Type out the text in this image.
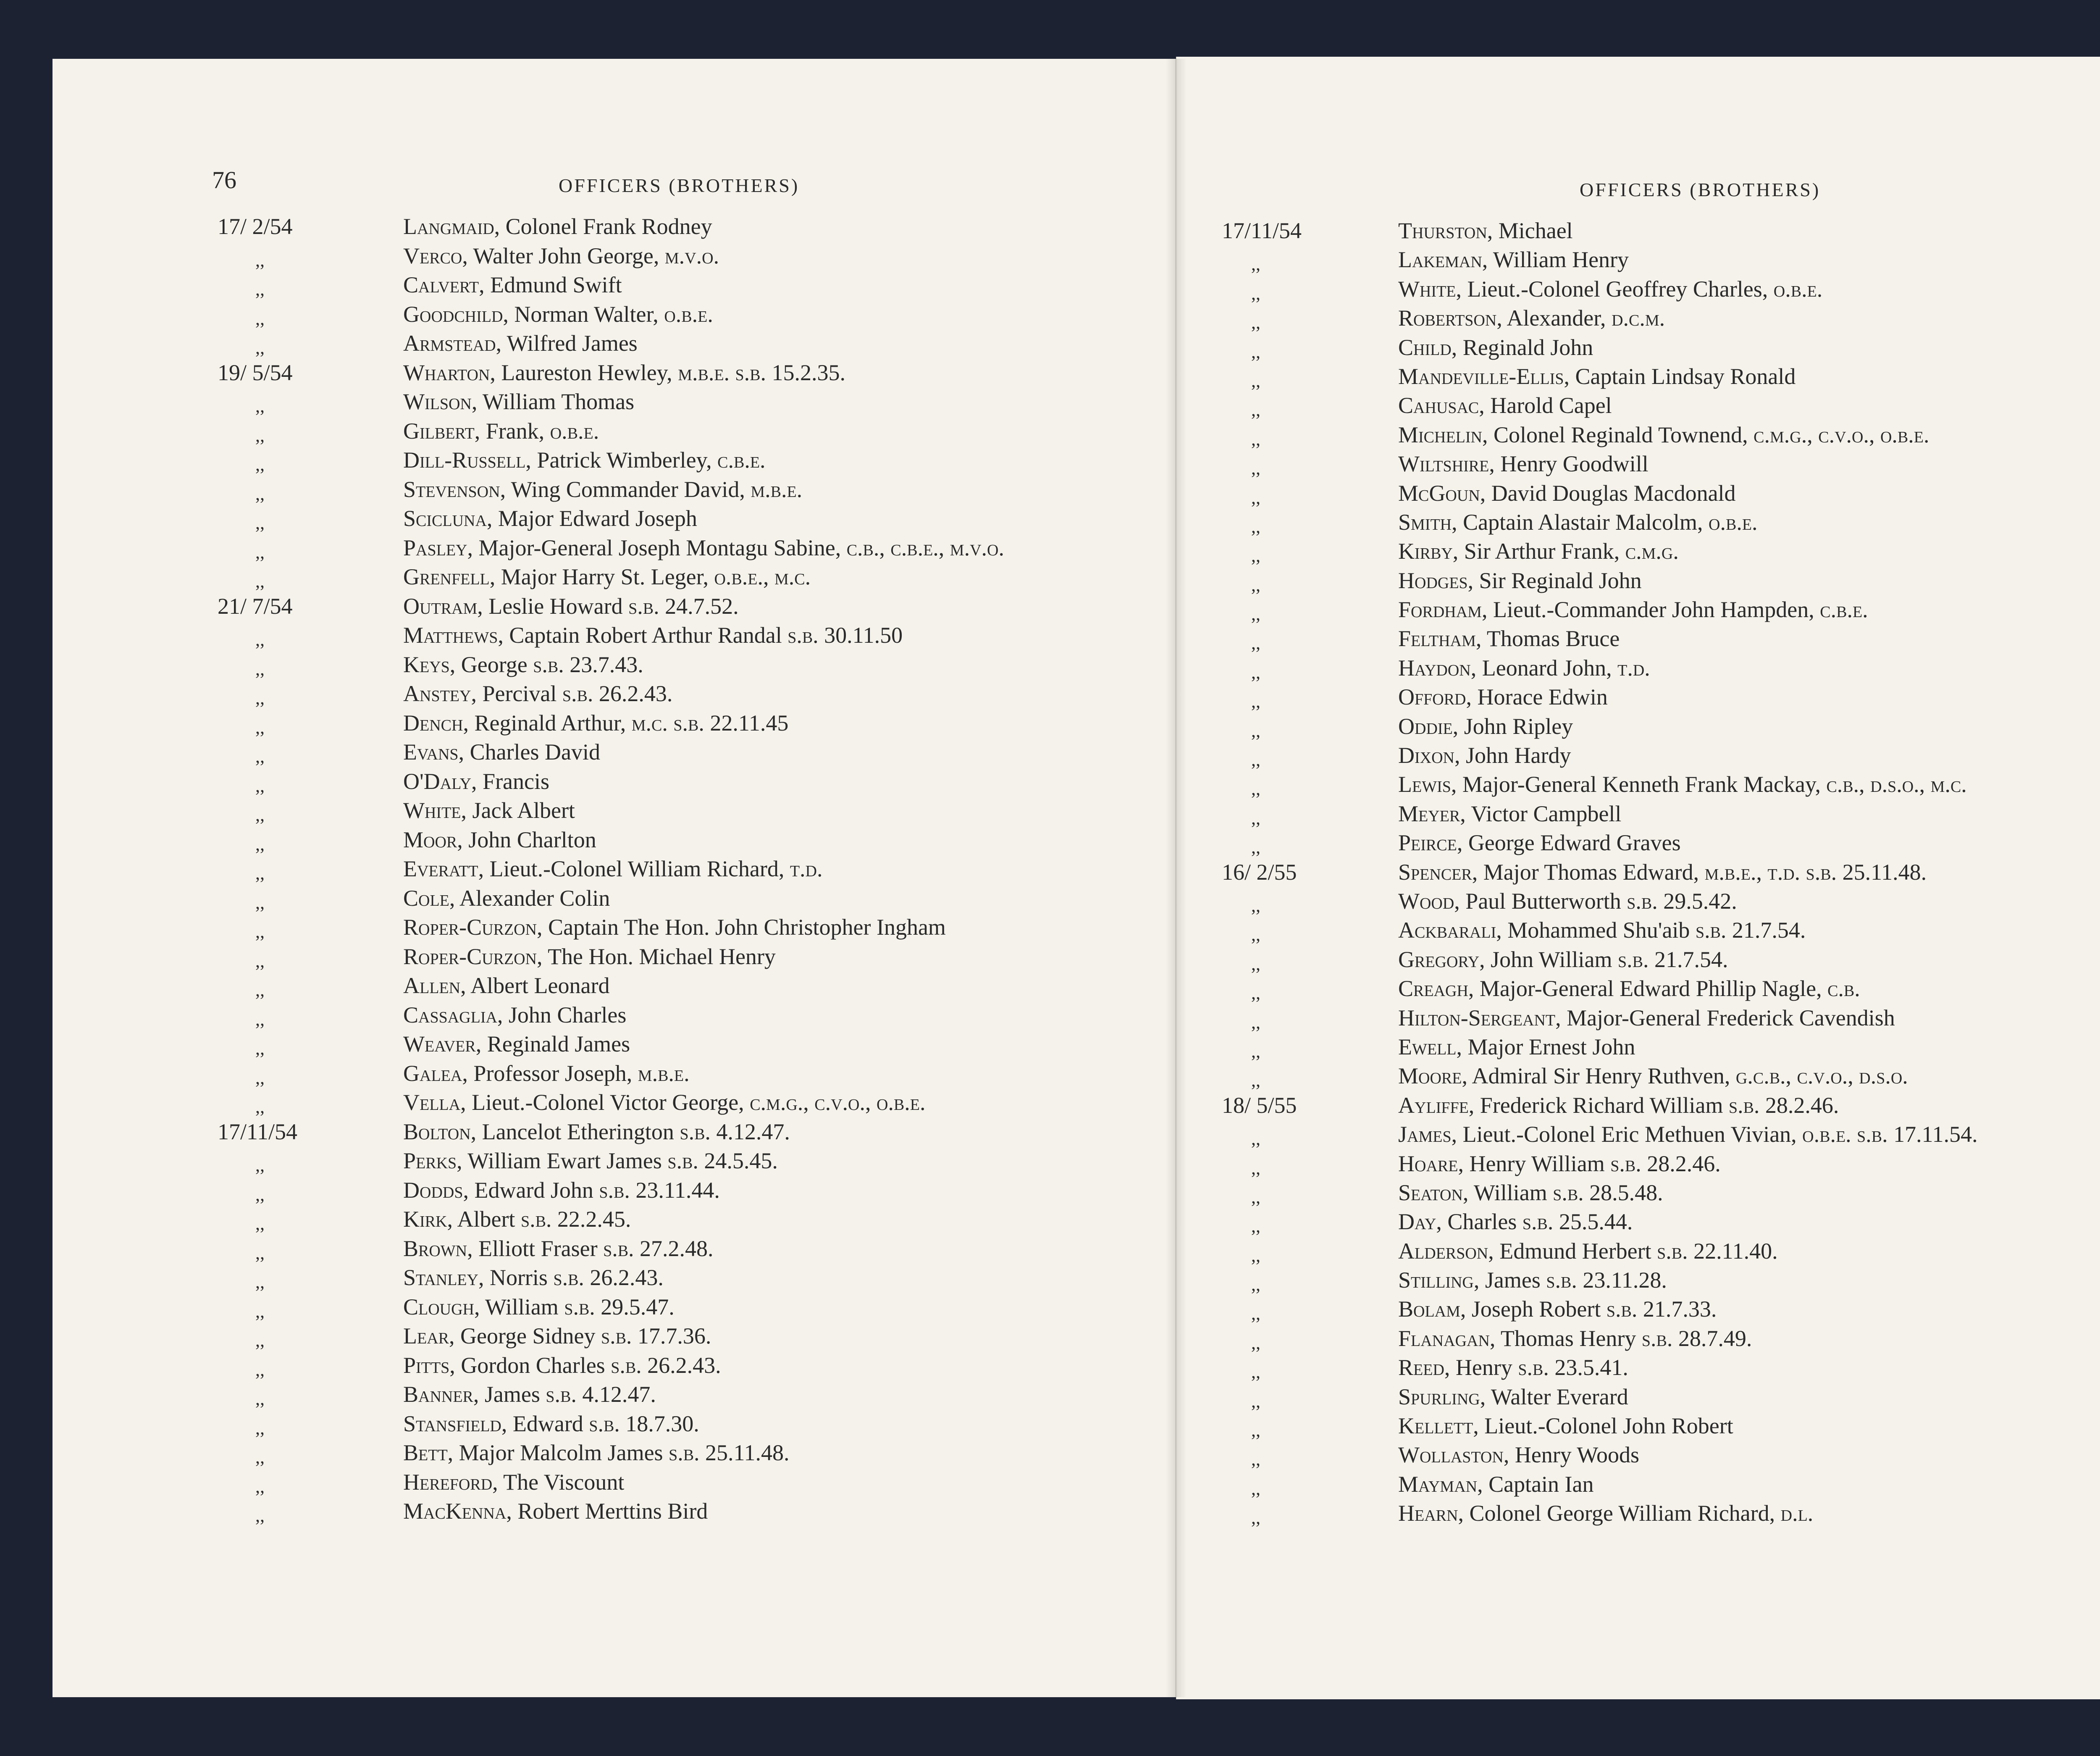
76	OFFICERS (BROTHERS)
17/ 2/54	Langmaid, Colonel Frank Rodney
,,	Verco, Walter John George, m.v.o.
,,	Calvert, Edmund Swift
,,	Goodchild, Norman Walter, o.b.e.
,,	Armstead, Wilfred James
19/ 5/54	Wharton, Laureston Hewley, m.b.e. s.b. 15.2.35.
,,	Wilson, William Thomas
,,	Gilbert, Frank, o.b.e.
,,	Dill-Russell, Patrick Wimberley, c.b.e.
,,	Stevenson, Wing Commander David, m.b.e.
,,	Scicluna, Major Edward Joseph
,,	Pasley, Major-General Joseph Montagu Sabine, c.b., c.b.e., m.v.o.
,,	Grenfell, Major Harry St. Leger, o.b.e., m.c.
21/ 7/54	Outram, Leslie Howard s.b. 24.7.52.
,,	Matthews, Captain Robert Arthur Randal s.b. 30.11.50
,,	Keys, George s.b. 23.7.43.
,,	Anstey, Percival s.b. 26.2.43.
,,	Dench, Reginald Arthur, m.c. s.b. 22.11.45
,,	Evans, Charles David
,,	O'Daly, Francis
,,	White, Jack Albert
,,	Moor, John Charlton
,,	Everatt, Lieut.-Colonel William Richard, t.d.
,,	Cole, Alexander Colin
,,	Roper-Curzon, Captain The Hon. John Christopher Ingham
,,	Roper-Curzon, The Hon. Michael Henry
,,	Allen, Albert Leonard
,,	Cassaglia, John Charles
,,	Weaver, Reginald James
,,	Galea, Professor Joseph, m.b.e.
,,	Vella, Lieut.-Colonel Victor George, c.m.g., c.v.o., o.b.e.
17/11/54	Bolton, Lancelot Etherington s.b. 4.12.47.
,,	Perks, William Ewart James s.b. 24.5.45.
,,	Dodds, Edward John s.b. 23.11.44.
,,	Kirk, Albert s.b. 22.2.45.
,,	Brown, Elliott Fraser s.b. 27.2.48.
,,	Stanley, Norris s.b. 26.2.43.
,,	Clough, William s.b. 29.5.47.
,,	Lear, George Sidney s.b. 17.7.36.
,,	Pitts, Gordon Charles s.b. 26.2.43.
,,	Banner, James s.b. 4.12.47.
,,	Stansfield, Edward s.b. 18.7.30.
,,	Bett, Major Malcolm James s.b. 25.11.48.
,,	Hereford, The Viscount
,,	MacKenna, Robert Merttins Bird
OFFICERS (BROTHERS)
17/11/54	Thurston, Michael
,,	Lakeman, William Henry
,,	White, Lieut.-Colonel Geoffrey Charles, o.b.e.
,,	Robertson, Alexander, d.c.m.
,,	Child, Reginald John
,,	Mandeville-Ellis, Captain Lindsay Ronald
,,	Cahusac, Harold Capel
,,	Michelin, Colonel Reginald Townend, c.m.g., c.v.o., o.b.e.
,,	Wiltshire, Henry Goodwill
,,	McGoun, David Douglas Macdonald
,,	Smith, Captain Alastair Malcolm, o.b.e.
,,	Kirby, Sir Arthur Frank, c.m.g.
,,	Hodges, Sir Reginald John
,,	Fordham, Lieut.-Commander John Hampden, c.b.e.
,,	Feltham, Thomas Bruce
,,	Haydon, Leonard John, t.d.
,,	Offord, Horace Edwin
,,	Oddie, John Ripley
,,	Dixon, John Hardy
,,	Lewis, Major-General Kenneth Frank Mackay, c.b., d.s.o., m.c.
,,	Meyer, Victor Campbell
,,	Peirce, George Edward Graves
16/ 2/55	Spencer, Major Thomas Edward, m.b.e., t.d. s.b. 25.11.48.
,,	Wood, Paul Butterworth s.b. 29.5.42.
,,	Ackbarali, Mohammed Shu'aib s.b. 21.7.54.
,,	Gregory, John William s.b. 21.7.54.
,,	Creagh, Major-General Edward Phillip Nagle, c.b.
,,	Hilton-Sergeant, Major-General Frederick Cavendish
,,	Ewell, Major Ernest John
,,	Moore, Admiral Sir Henry Ruthven, g.c.b., c.v.o., d.s.o.
18/ 5/55	Ayliffe, Frederick Richard William s.b. 28.2.46.
,,	James, Lieut.-Colonel Eric Methuen Vivian, o.b.e. s.b. 17.11.54.
,,	Hoare, Henry William s.b. 28.2.46.
,,	Seaton, William s.b. 28.5.48.
,,	Day, Charles s.b. 25.5.44.
,,	Alderson, Edmund Herbert s.b. 22.11.40.
,,	Stilling, James s.b. 23.11.28.
,,	Bolam, Joseph Robert s.b. 21.7.33.
,,	Flanagan, Thomas Henry s.b. 28.7.49.
,,	Reed, Henry s.b. 23.5.41.
,,	Spurling, Walter Everard
,,	Kellett, Lieut.-Colonel John Robert
,,	Wollaston, Henry Woods
,,	Mayman, Captain Ian
,,	Hearn, Colonel George William Richard, d.l.
